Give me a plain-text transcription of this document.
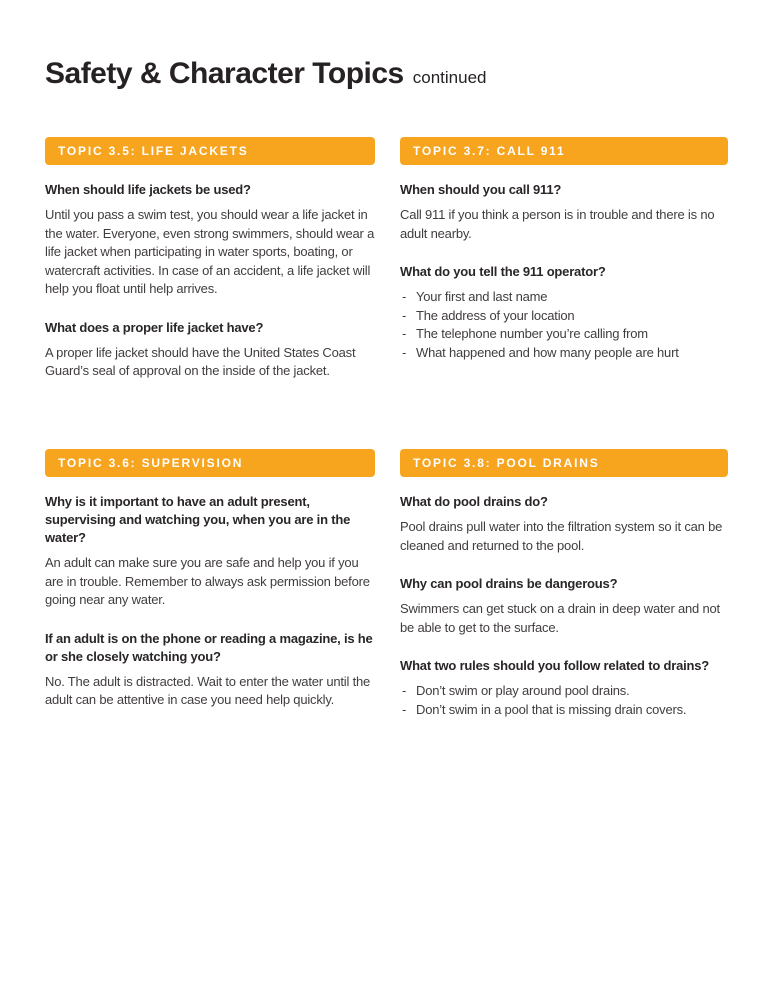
Safety & Character Topics continued
TOPIC 3.5: LIFE JACKETS

When should life jackets be used?

Until you pass a swim test, you should wear a life jacket in the water. Everyone, even strong swimmers, should wear a life jacket when participating in water sports, boating, or watercraft activities. In case of an accident, a life jacket will help you float until help arrives.

What does a proper life jacket have?

A proper life jacket should have the United States Coast Guard’s seal of approval on the inside of the jacket.

TOPIC 3.7: CALL 911

When should you call 911?

Call 911 if you think a person is in trouble and there is no adult nearby.

What do you tell the 911 operator?

- Your first and last name
- The address of your location
- The telephone number you’re calling from
- What happened and how many people are hurt
TOPIC 3.6: SUPERVISION

Why is it important to have an adult present, supervising and watching you, when you are in the water?

An adult can make sure you are safe and help you if you are in trouble. Remember to always ask permission before going near any water.

If an adult is on the phone or reading a magazine, is he or she closely watching you?

No. The adult is distracted. Wait to enter the water until the adult can be attentive in case you need help quickly.

TOPIC 3.8: POOL DRAINS

What do pool drains do?

Pool drains pull water into the filtration system so it can be cleaned and returned to the pool.

Why can pool drains be dangerous?

Swimmers can get stuck on a drain in deep water and not be able to get to the surface.

What two rules should you follow related to drains?

- Don’t swim or play around pool drains.
- Don’t swim in a pool that is missing drain covers.
